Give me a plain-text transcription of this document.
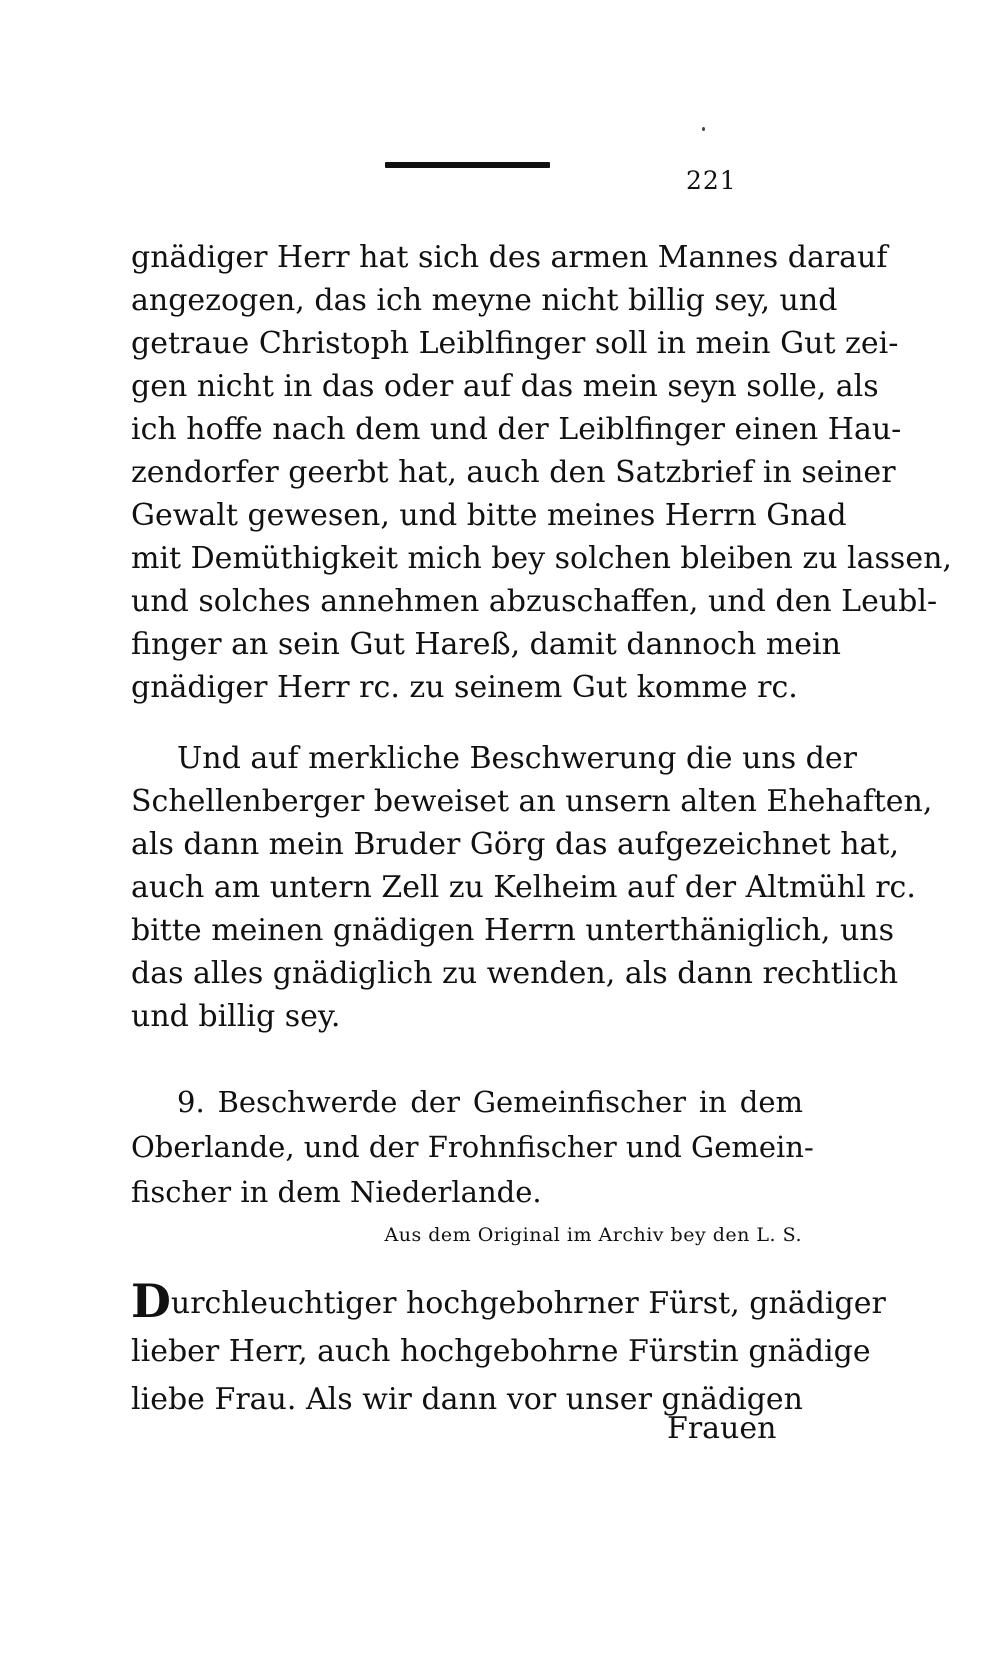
221
gnädiger Herr hat sich des armen Mannes darauf
angezogen, das ich meyne nicht billig sey, und
getraue Christoph Leiblfinger soll in mein Gut zei-
gen nicht in das oder auf das mein seyn solle, als
ich hoffe nach dem und der Leiblfinger einen Hau-
zendorfer geerbt hat, auch den Satzbrief in seiner
Gewalt gewesen, und bitte meines Herrn Gnad
mit Demüthigkeit mich bey solchen bleiben zu lassen,
und solches annehmen abzuschaffen, und den Leubl-
finger an sein Gut Hareß, damit dannoch mein
gnädiger Herr rc. zu seinem Gut komme rc.
Und auf merkliche Beschwerung die uns der
Schellenberger beweiset an unsern alten Ehehaften,
als dann mein Bruder Görg das aufgezeichnet hat,
auch am untern Zell zu Kelheim auf der Altmühl rc.
bitte meinen gnädigen Herrn unterthäniglich, uns
das alles gnädiglich zu wenden, als dann rechtlich
und billig sey.
9. Beschwerde der Gemeinfischer in dem
Oberlande, und der Frohnfischer und Gemein-
fischer in dem Niederlande.
Aus dem Original im Archiv bey den L. S.
Durchleuchtiger hochgebohrner Fürst, gnädiger
lieber Herr, auch hochgebohrne Fürstin gnädige
liebe Frau. Als wir dann vor unser gnädigen
Frauen
